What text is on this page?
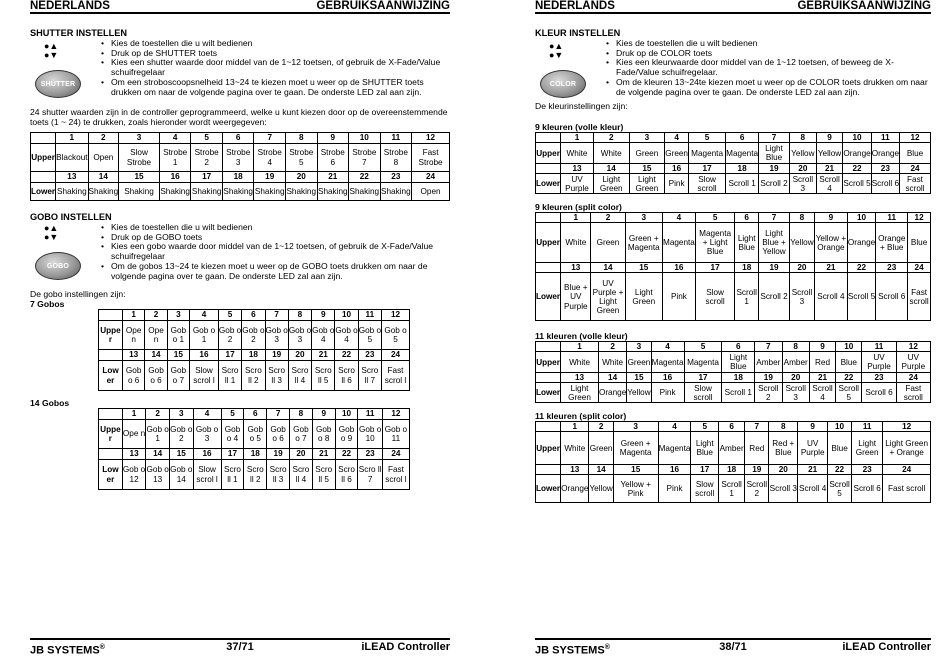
NEDERLANDS	GEBRUIKSAANWIJZING
SHUTTER INSTELLEN
●▲
●▼
SHUTTER
• Kies de toestellen die u wilt bedienen
• Druk op de SHUTTER toets
• Kies een shutter waarde door middel van de 1~12 toetsen, of gebruik de X-Fade/Value schuifregelaar
• Om een stroboscoopsnelheid 13~24 te kiezen moet u weer op de SHUTTER toets drukken om naar de volgende pagina over te gaan. De onderste LED zal aan zijn.
24 shutter waarden zijn in de controller geprogrammeerd, welke u kunt kiezen door op de overeenstemmende toets (1 ~ 24) te drukken, zoals hieronder wordt weergegeven:
	1	2	3	4	5	6	7	8	9	10	11	12
Upper	Blackout	Open	Slow Strobe	Strobe 1	Strobe 2	Strobe 3	Strobe 4	Strobe 5	Strobe 6	Strobe 7	Strobe 8	Fast Strobe
	13	14	15	16	17	18	19	20	21	22	23	24
Lower	Shaking	Shaking	Shaking	Shaking	Shaking	Shaking	Shaking	Shaking	Shaking	Shaking	Shaking	Open
GOBO INSTELLEN
●▲
●▼
GOBO
• Kies de toestellen die u wilt bedienen
• Druk op de GOBO toets
• Kies een gobo waarde door middel van de 1~12 toetsen, of gebruik de X-Fade/Value schuifregelaar
• Om de gobos 13~24 te kiezen moet u weer op de GOBO toets drukken om naar de volgende pagina over te gaan. De onderste LED zal aan zijn.
De gobo instellingen zijn:
7 Gobos
14 Gobos
	1	2	3	4	5	6	7	8	9	10	11	12
Uppe r	Ope n	Ope n	Gob o 1	Gob o 1	Gob o 2	Gob o 2	Gob o 3	Gob o 3	Gob o 4	Gob o 4	Gob o 5	Gob o 5
	13	14	15	16	17	18	19	20	21	22	23	24
Low er	Gob o 6	Gob o 6	Gob o 7	Slow scrol l	Scro ll 1	Scro ll 2	Scro ll 3	Scro ll 4	Scro ll 5	Scro ll 6	Scro ll 7	Fast scrol l
	1	2	3	4	5	6	7	8	9	10	11	12
Uppe r	Ope n	Gob o 1	Gob o 2	Gob o 3	Gob o 4	Gob o 5	Gob o 6	Gob o 7	Gob o 8	Gob o 9	Gob o 10	Gob o 11
	13	14	15	16	17	18	19	20	21	22	23	24
Low er	Gob o 12	Gob o 13	Gob o 14	Slow scrol l	Scro ll 1	Scro ll 2	Scro ll 3	Scro ll 4	Scro ll 5	Scro ll 6	Scro ll 7	Fast scrol l
JB SYSTEMS®	37/71	iLEAD Controller
NEDERLANDS	GEBRUIKSAANWIJZING
KLEUR INSTELLEN
●▲
●▼
COLOR
• Kies de toestellen die u wilt bedienen
• Druk op de COLOR toets
• Kies een kleurwaarde door middel van de 1~12 toetsen, of beweeg de X-Fade/Value schuifregelaar.
• Om de kleuren 13~24te kiezen moet u weer op de COLOR toets drukken om naar de volgende pagina over te gaan. De onderste LED zal aan zijn.
De kleurinstellingen zijn:
9 kleuren (volle kleur)
	1	2	3	4	5	6	7	8	9	10	11	12
Upper	White	White	Green	Green	Magenta	Magenta	Light Blue	Yellow	Yellow	Orange	Orange	Blue
	13	14	15	16	17	18	19	20	21	22	23	24
Lower	UV Purple	Light Green	Light Green	Pink	Slow scroll	Scroll 1	Scroll 2	Scroll 3	Scroll 4	Scroll 5	Scroll 6	Fast scroll
9 kleuren (split color)
	1	2	3	4	5	6	7	8	9	10	11	12
Upper	White	Green	Green + Magenta	Magenta	Magenta + Light Blue	Light Blue	Light Blue + Yellow	Yellow	Yellow + Orange	Orange	Orange + Blue	Blue
	13	14	15	16	17	18	19	20	21	22	23	24
Lower	Blue + UV Purple	UV Purple + Light Green	Light Green	Pink	Slow scroll	Scroll 1	Scroll 2	Scroll 3	Scroll 4	Scroll 5	Scroll 6	Fast scroll
11 kleuren (volle kleur)
	1	2	3	4	5	6	7	8	9	10	11	12
Upper	White	White	Green	Magenta	Magenta	Light Blue	Amber	Amber	Red	Blue	UV Purple	UV Purple
	13	14	15	16	17	18	19	20	21	22	23	24
Lower	Light Green	Orange	Yellow	Pink	Slow scroll	Scroll 1	Scroll 2	Scroll 3	Scroll 4	Scroll 5	Scroll 6	Fast scroll
11 kleuren (split color)
	1	2	3	4	5	6	7	8	9	10	11	12
Upper	White	Green	Green + Magenta	Magenta	Light Blue	Amber	Red	Red + Blue	UV Purple	Blue	Light Green	Light Green + Orange
	13	14	15	16	17	18	19	20	21	22	23	24
Lower	Orange	Yellow	Yellow + Pink	Pink	Slow scroll	Scroll 1	Scroll 2	Scroll 3	Scroll 4	Scroll 5	Scroll 6	Fast scroll
JB SYSTEMS®	38/71	iLEAD Controller
